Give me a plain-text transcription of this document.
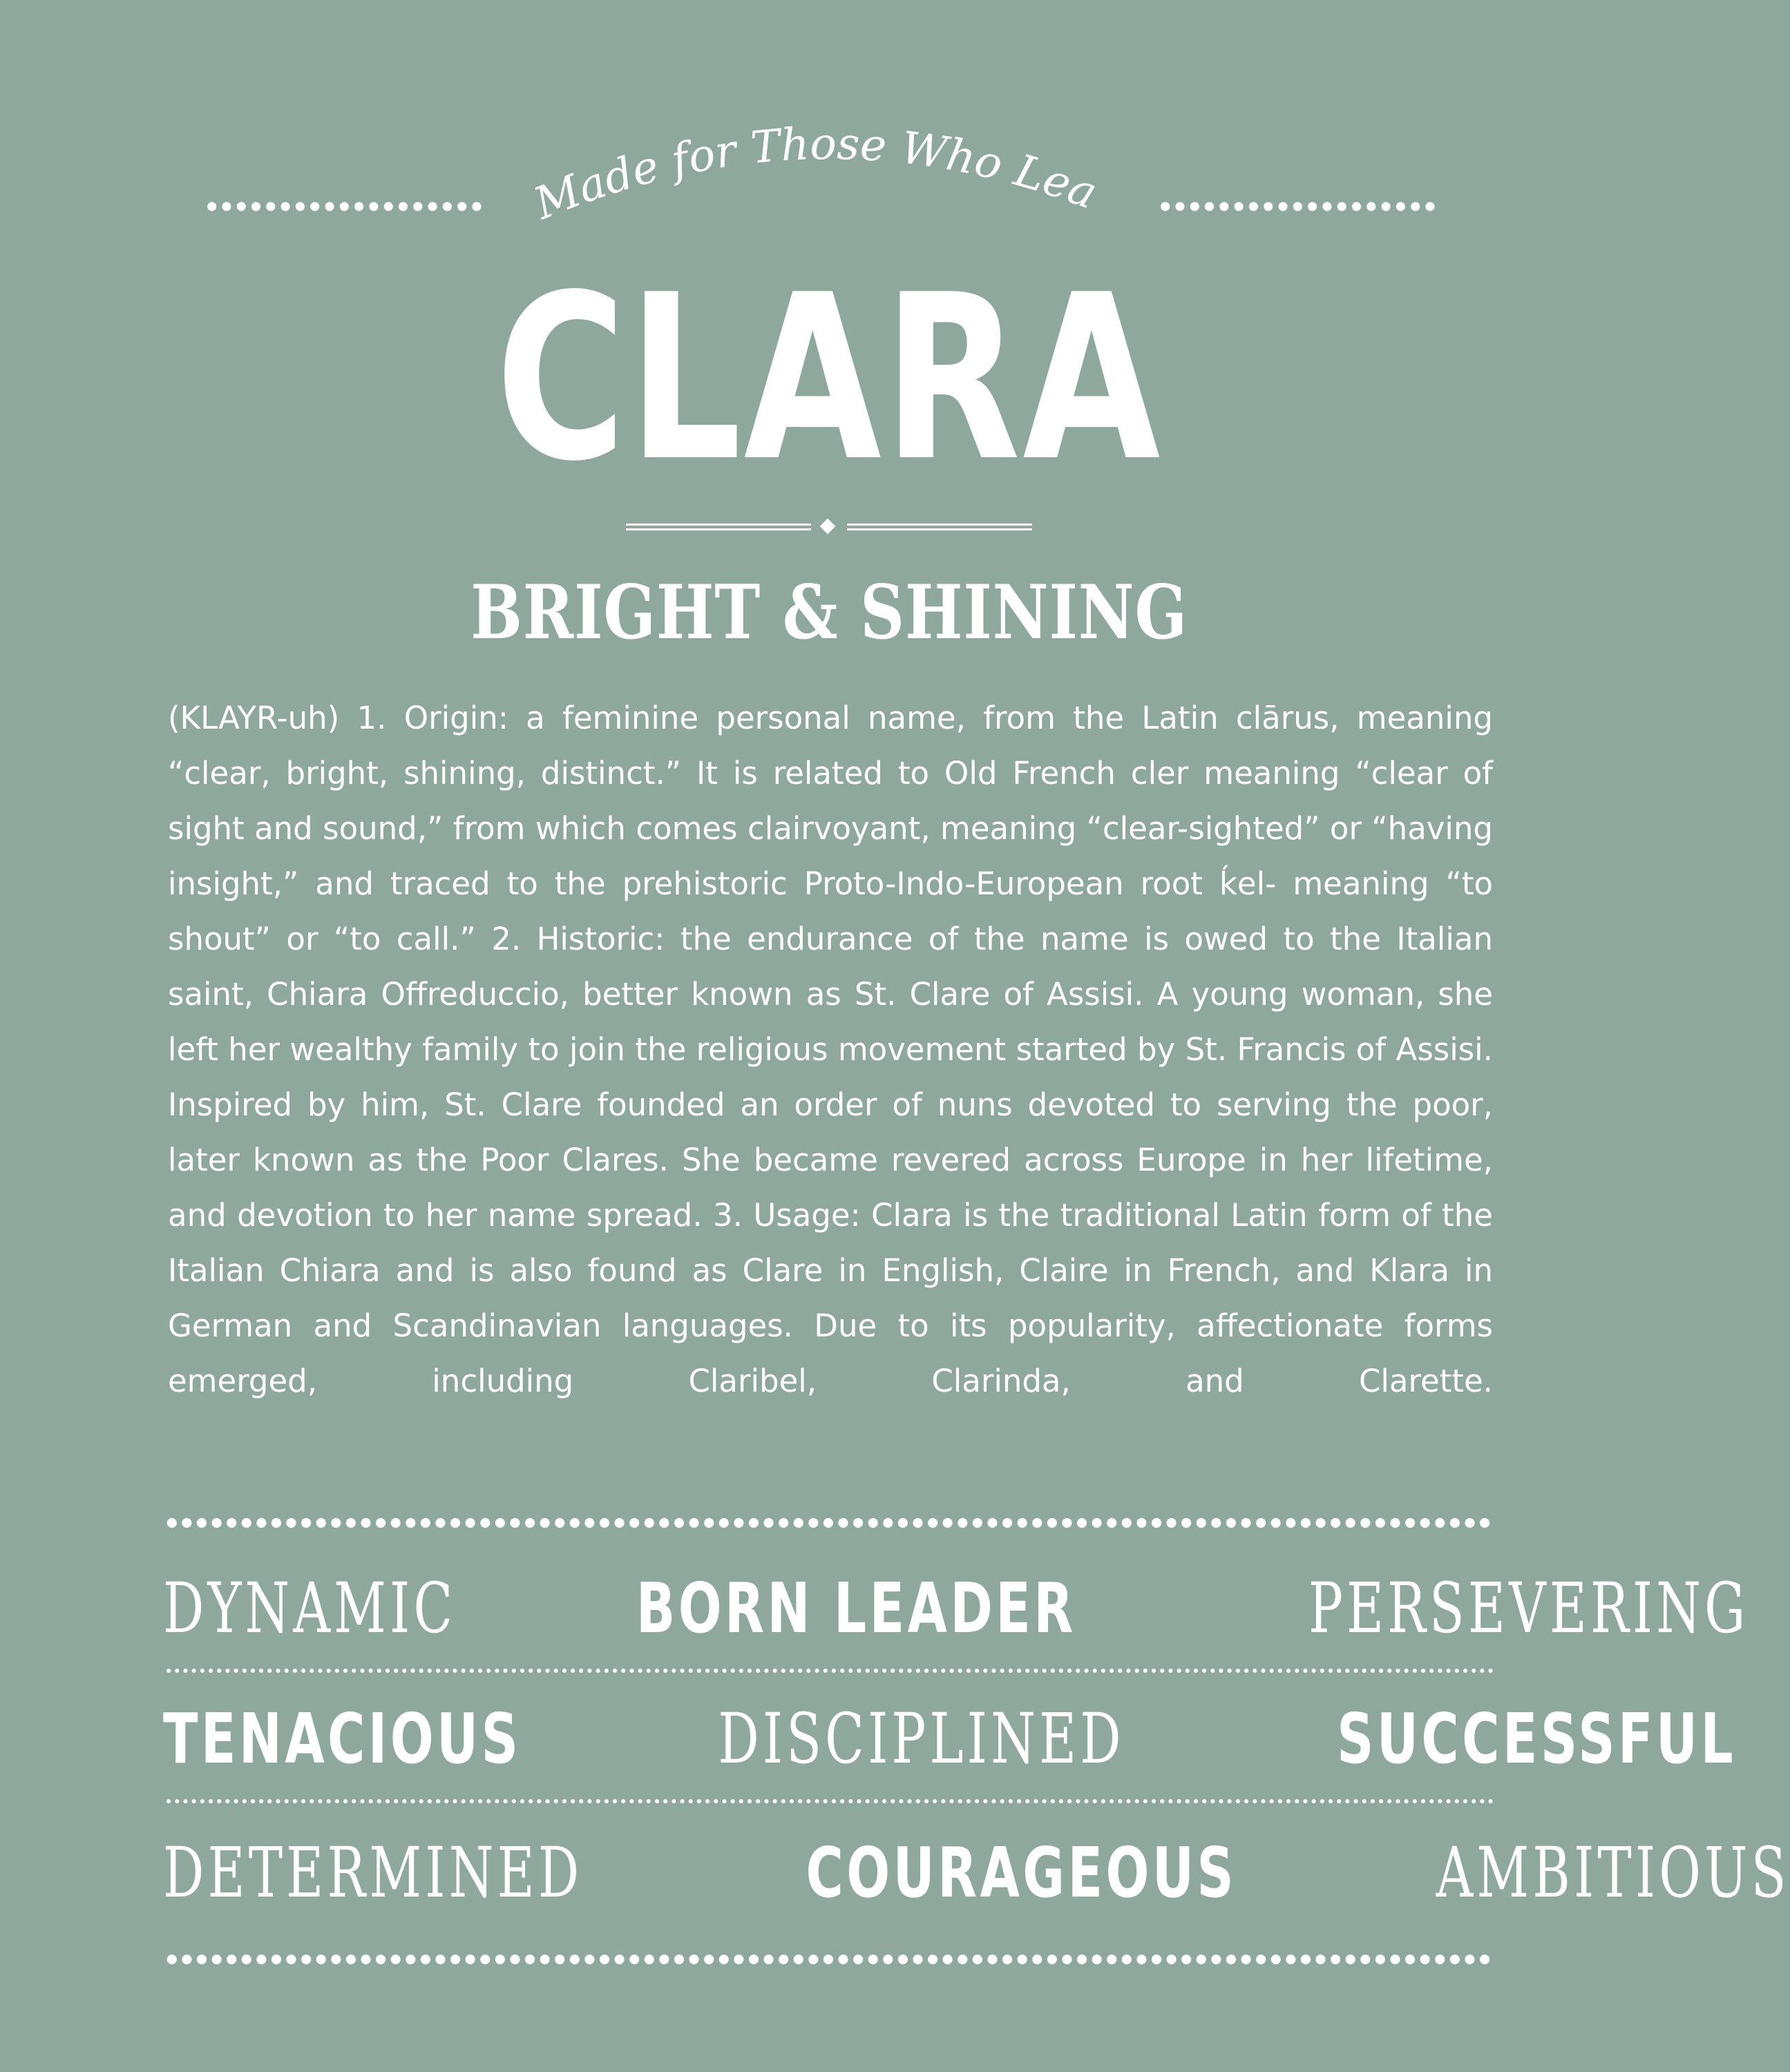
Made for Those Who Lead
CLARA
BRIGHT & SHINING
(KLAYR-uh) 1. Origin: a feminine personal name, from the Latin clārus, meaning “clear, bright, shining, distinct.” It is related to Old French cler meaning “clear of sight and sound,” from which comes clairvoyant, meaning “clear-sighted” or “having insight,” and traced to the prehistoric Proto-Indo-European root ḱel- meaning “to shout” or “to call.” 2. Historic: the endurance of the name is owed to the Italian saint, Chiara Offreduccio, better known as St. Clare of Assisi. A young woman, she left her wealthy family to join the religious movement started by St. Francis of Assisi. Inspired by him, St. Clare founded an order of nuns devoted to serving the poor, later known as the Poor Clares. She became revered across Europe in her lifetime, and devotion to her name spread. 3. Usage: Clara is the traditional Latin form of the Italian Chiara and is also found as Clare in English, Claire in French, and Klara in German and Scandinavian languages. Due to its popularity, affectionate forms emerged, including Claribel, Clarinda, and Clarette.
DYNAMIC	BORN LEADER	PERSEVERING
TENACIOUS	DISCIPLINED	SUCCESSFUL
DETERMINED	COURAGEOUS	AMBITIOUS
